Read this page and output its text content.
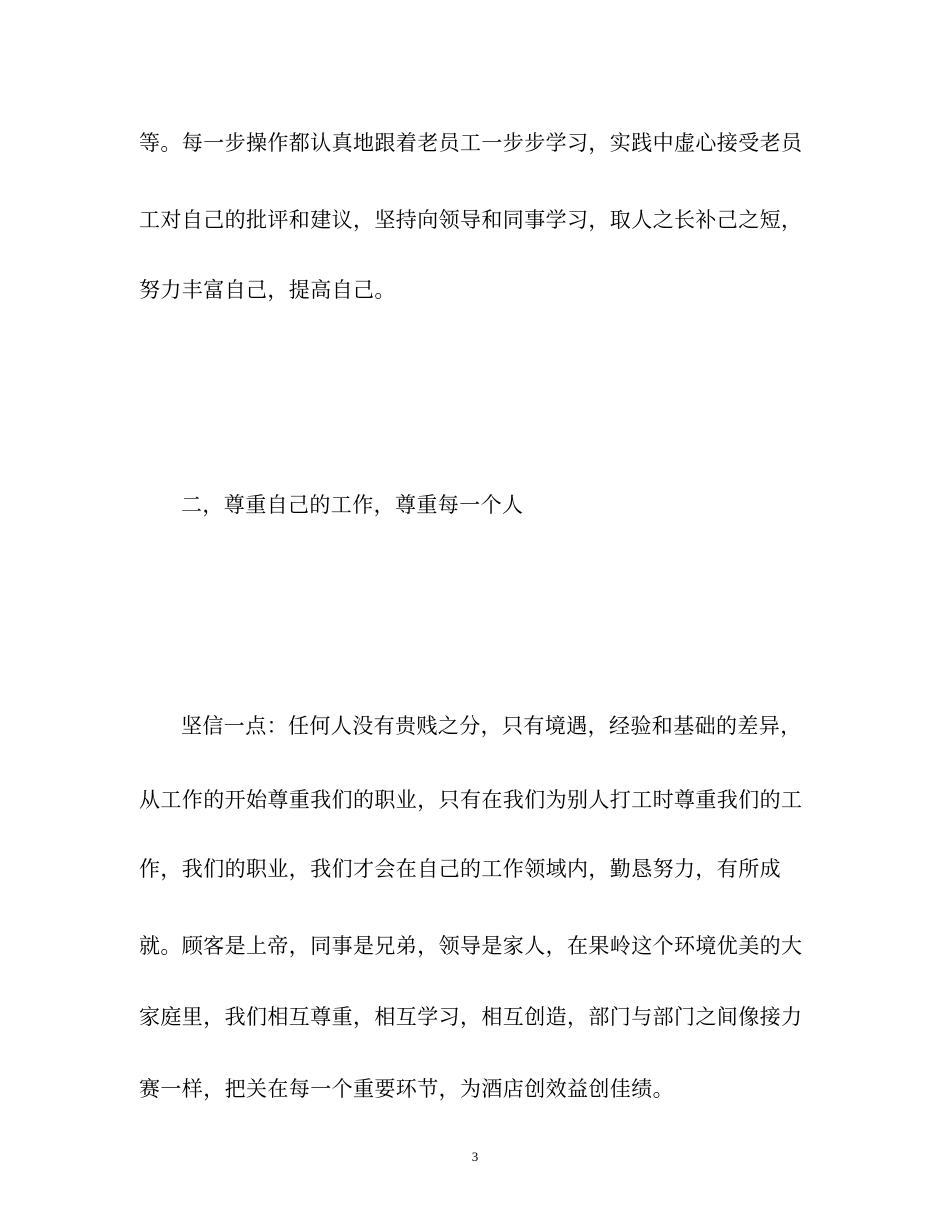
等。每一步操作都认真地跟着老员工一步步学习，实践中虚心接受老员
工对自己的批评和建议，坚持向领导和同事学习，取人之长补己之短，
努力丰富自己，提高自己。
二，尊重自己的工作，尊重每一个人
坚信一点：任何人没有贵贱之分，只有境遇，经验和基础的差异，
从工作的开始尊重我们的职业，只有在我们为别人打工时尊重我们的工
作，我们的职业，我们才会在自己的工作领域内，勤恳努力，有所成
就。顾客是上帝，同事是兄弟，领导是家人，在果岭这个环境优美的大
家庭里，我们相互尊重，相互学习，相互创造，部门与部门之间像接力
赛一样，把关在每一个重要环节，为酒店创效益创佳绩。
3
